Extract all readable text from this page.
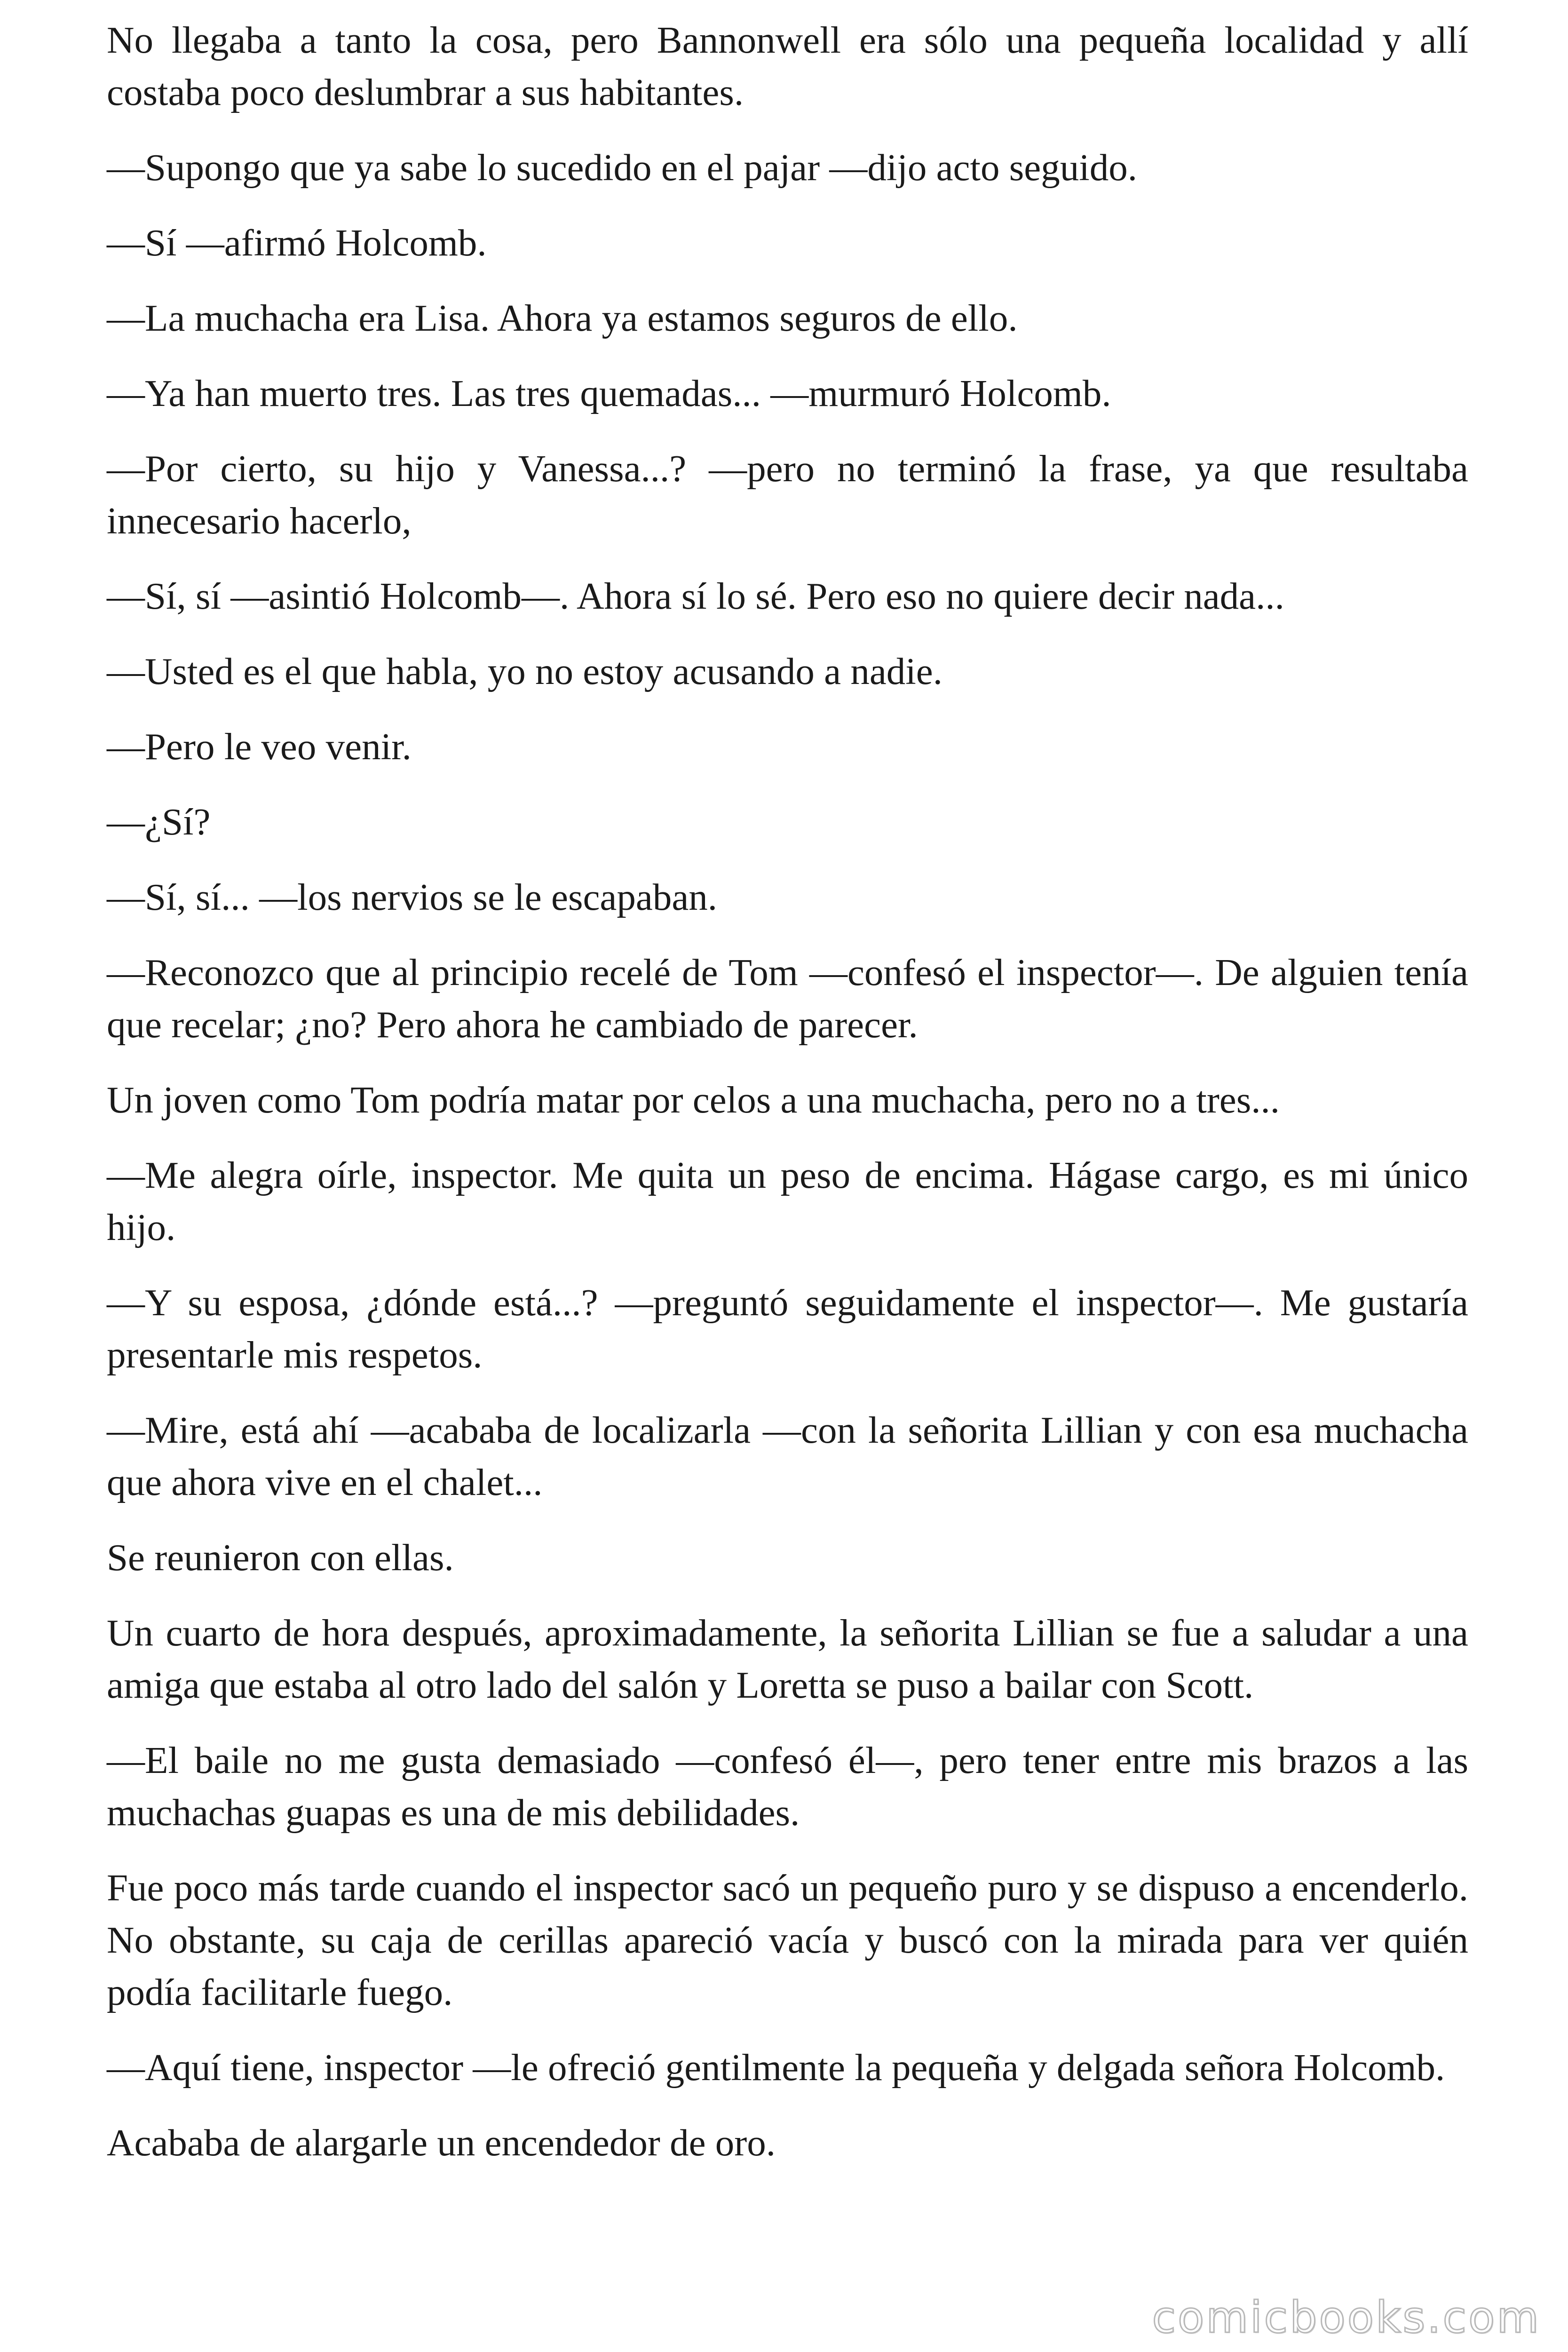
No llegaba a tanto la cosa, pero Bannonwell era sólo una pequeña localidad y allí costaba poco deslumbrar a sus habitantes.

—Supongo que ya sabe lo sucedido en el pajar —dijo acto seguido.

—Sí —afirmó Holcomb.

—La muchacha era Lisa. Ahora ya estamos seguros de ello.

—Ya han muerto tres. Las tres quemadas... —murmuró Holcomb.

—Por cierto, su hijo y Vanessa...? —pero no terminó la frase, ya que resultaba innecesario hacerlo,

—Sí, sí —asintió Holcomb—. Ahora sí lo sé. Pero eso no quiere decir nada...

—Usted es el que habla, yo no estoy acusando a nadie.

—Pero le veo venir.

—¿Sí?

—Sí, sí... —los nervios se le escapaban.

—Reconozco que al principio recelé de Tom —confesó el inspector—. De alguien tenía que recelar; ¿no? Pero ahora he cambiado de parecer.

Un joven como Tom podría matar por celos a una muchacha, pero no a tres...

—Me alegra oírle, inspector. Me quita un peso de encima. Hágase cargo, es mi único hijo.

—Y su esposa, ¿dónde está...? —preguntó seguidamente el inspector—. Me gustaría presentarle mis respetos.

—Mire, está ahí —acababa de localizarla —con la señorita Lillian y con esa muchacha que ahora vive en el chalet...

Se reunieron con ellas.

Un cuarto de hora después, aproximadamente, la señorita Lillian se fue a saludar a una amiga que estaba al otro lado del salón y Loretta se puso a bailar con Scott.

—El baile no me gusta demasiado —confesó él—, pero tener entre mis brazos a las muchachas guapas es una de mis debilidades.

Fue poco más tarde cuando el inspector sacó un pequeño puro y se dispuso a encenderlo. No obstante, su caja de cerillas apareció vacía y buscó con la mirada para ver quién podía facilitarle fuego.

—Aquí tiene, inspector —le ofreció gentilmente la pequeña y delgada señora Holcomb.

Acababa de alargarle un encendedor de oro.

comicbooks.com
